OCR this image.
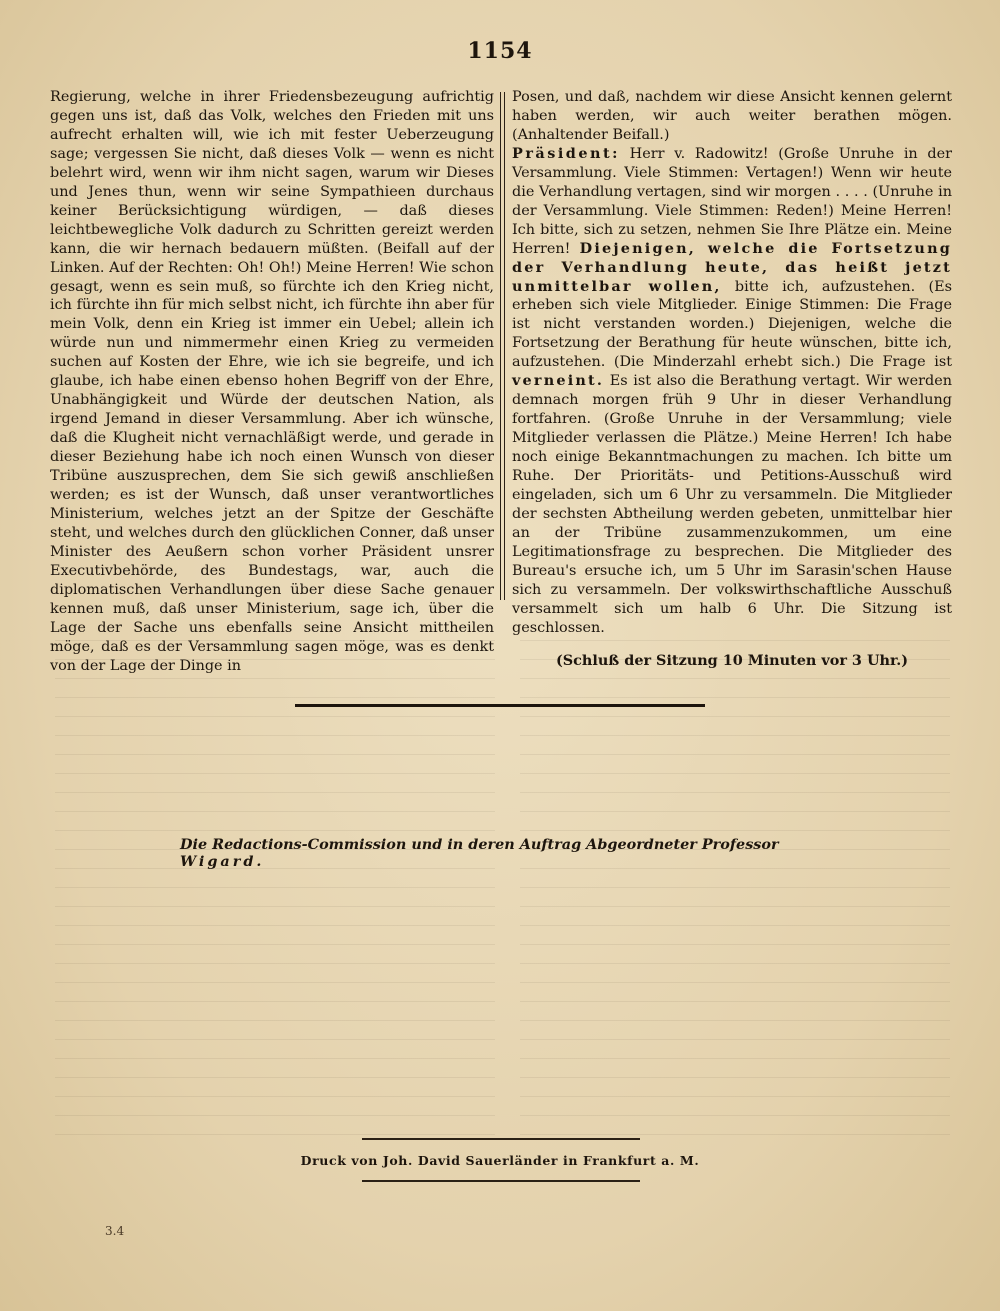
1154

Regierung, welche in ihrer Friedensbezeugung aufrichtig gegen uns ist, daß das Volk, welches den Frieden mit uns aufrecht erhalten will, wie ich mit fester Ueberzeugung sage; vergessen Sie nicht, daß dieses Volk — wenn es nicht belehrt wird, wenn wir ihm nicht sagen, warum wir Dieses und Jenes thun, wenn wir seine Sympathieen durchaus keiner Berücksichtigung würdigen, — daß dieses leichtbewegliche Volk dadurch zu Schritten gereizt werden kann, die wir hernach bedauern müßten. (Beifall auf der Linken. Auf der Rechten: Oh! Oh!) Meine Herren! Wie schon gesagt, wenn es sein muß, so fürchte ich den Krieg nicht, ich fürchte ihn für mich selbst nicht, ich fürchte ihn aber für mein Volk, denn ein Krieg ist immer ein Uebel; allein ich würde nun und nimmermehr einen Krieg zu vermeiden suchen auf Kosten der Ehre, wie ich sie begreife, und ich glaube, ich habe einen ebenso hohen Begriff von der Ehre, Unabhängigkeit und Würde der deutschen Nation, als irgend Jemand in dieser Versammlung. Aber ich wünsche, daß die Klugheit nicht vernachläßigt werde, und gerade in dieser Beziehung habe ich noch einen Wunsch von dieser Tribüne auszusprechen, dem Sie sich gewiß anschließen werden; es ist der Wunsch, daß unser verantwortliches Ministerium, welches jetzt an der Spitze der Geschäfte steht, und welches durch den glücklichen Conner, daß unser Minister des Aeußern schon vorher Präsident unsrer Executivbehörde, des Bundestags, war, auch die diplomatischen Verhandlungen über diese Sache genauer kennen muß, daß unser Ministerium, sage ich, über die Lage der Sache uns ebenfalls seine Ansicht mittheilen möge, daß es der Versammlung sagen möge, was es denkt von der Lage der Dinge in

Posen, und daß, nachdem wir diese Ansicht kennen gelernt haben werden, wir auch weiter berathen mögen. (Anhaltender Beifall.)

Präsident: Herr v. Radowitz! (Große Unruhe in der Versammlung. Viele Stimmen: Vertagen!) Wenn wir heute die Verhandlung vertagen, sind wir morgen . . . . (Unruhe in der Versammlung. Viele Stimmen: Reden!) Meine Herren! Ich bitte, sich zu setzen, nehmen Sie Ihre Plätze ein. Meine Herren! Diejenigen, welche die Fortsetzung der Verhandlung heute, das heißt jetzt unmittelbar wollen, bitte ich, aufzustehen. (Es erheben sich viele Mitglieder. Einige Stimmen: Die Frage ist nicht verstanden worden.) Diejenigen, welche die Fortsetzung der Berathung für heute wünschen, bitte ich, aufzustehen. (Die Minderzahl erhebt sich.) Die Frage ist verneint. Es ist also die Berathung vertagt. Wir werden demnach morgen früh 9 Uhr in dieser Verhandlung fortfahren. (Große Unruhe in der Versammlung; viele Mitglieder verlassen die Plätze.) Meine Herren! Ich habe noch einige Bekanntmachungen zu machen. Ich bitte um Ruhe. Der Prioritäts- und Petitions-Ausschuß wird eingeladen, sich um 6 Uhr zu versammeln. Die Mitglieder der sechsten Abtheilung werden gebeten, unmittelbar hier an der Tribüne zusammenzukommen, um eine Legitimationsfrage zu besprechen. Die Mitglieder des Bureau's ersuche ich, um 5 Uhr im Sarasin'schen Hause sich zu versammeln. Der volkswirthschaftliche Ausschuß versammelt sich um halb 6 Uhr. Die Sitzung ist geschlossen.

(Schluß der Sitzung 10 Minuten vor 3 Uhr.)

Die Redactions-Commission und in deren Auftrag Abgeordneter Professor Wigard.
Druck von Joh. David Sauerländer in Frankfurt a. M.
3.4
